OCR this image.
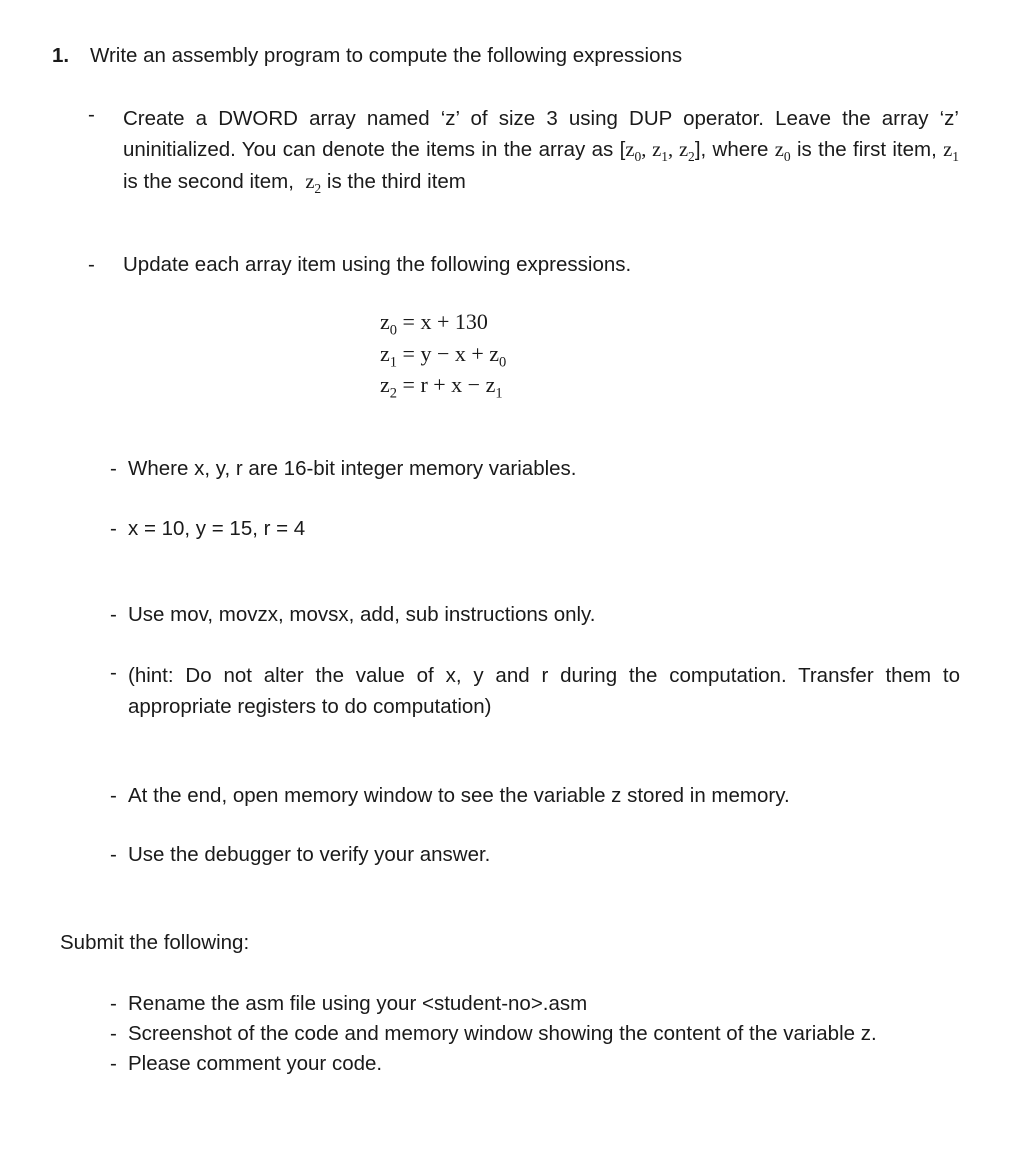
1. Write an assembly program to compute the following expressions
- Create a DWORD array named ‘z’ of size 3 using DUP operator. Leave the array ‘z’ uninitialized. You can denote the items in the array as [$z_0$, $z_1$, $z_2$], where $z_0$ is the first item, $z_1$ is the second item,  $z_2$ is the third item
- Update each array item using the following expressions.
$z_0 = x + 130$
$z_1 = y - x + z_0$
$z_2 = r + x - z_1$
- Where x, y, r are 16-bit integer memory variables.
- x = 10, y = 15, r = 4
- Use mov, movzx, movsx, add, sub instructions only.
- (hint: Do not alter the value of x, y and r during the computation. Transfer them to appropriate registers to do computation)
- At the end, open memory window to see the variable z stored in memory.
- Use the debugger to verify your answer.
Submit the following:
- Rename the asm file using your <student-no>.asm
- Screenshot of the code and memory window showing the content of the variable z.
- Please comment your code.
